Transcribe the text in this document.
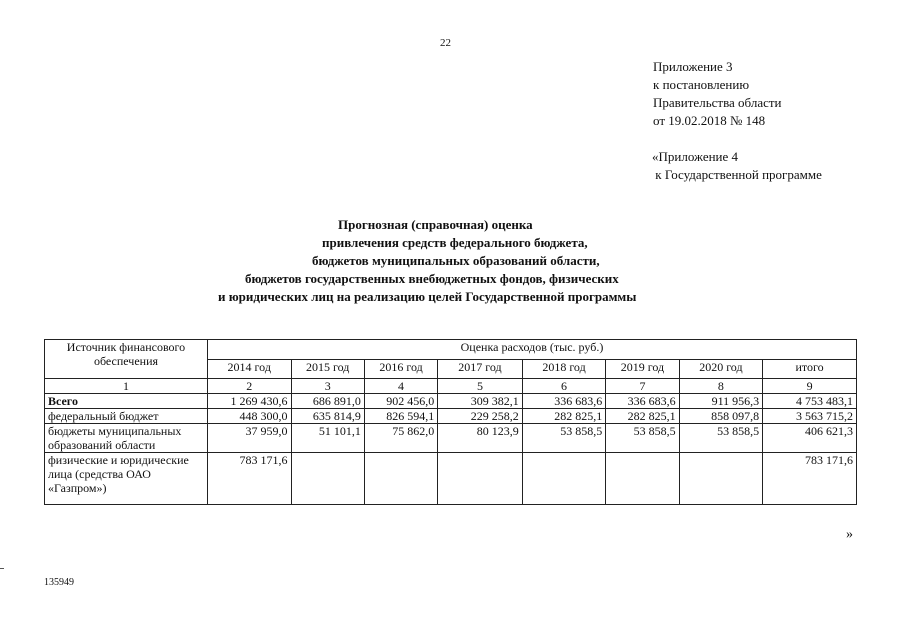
22
Приложение 3
к постановлению
Правительства области
от 19.02.2018 № 148
«Приложение 4
к Государственной программе
Прогнозная (справочная) оценка
привлечения средств федерального бюджета,
бюджетов муниципальных образований области,
бюджетов государственных внебюджетных фондов, физических
и юридических лиц на реализацию целей Государственной программы
Источник финансового обеспечения	Оценка расходов (тыс. руб.)							
	2014 год	2015 год	2016 год	2017 год	2018 год	2019 год	2020 год	итого
1	2	3	4	5	6	7	8	9
Всего	1 269 430,6	686 891,0	902 456,0	309 382,1	336 683,6	336 683,6	911 956,3	4 753 483,1
федеральный бюджет	448 300,0	635 814,9	826 594,1	229 258,2	282 825,1	282 825,1	858 097,8	3 563 715,2
бюджеты муниципальных образований области	37 959,0	51 101,1	75 862,0	80 123,9	53 858,5	53 858,5	53 858,5	406 621,3
физические и юридические лица (средства ОАО «Газпром»)	783 171,6							783 171,6
»
135949
